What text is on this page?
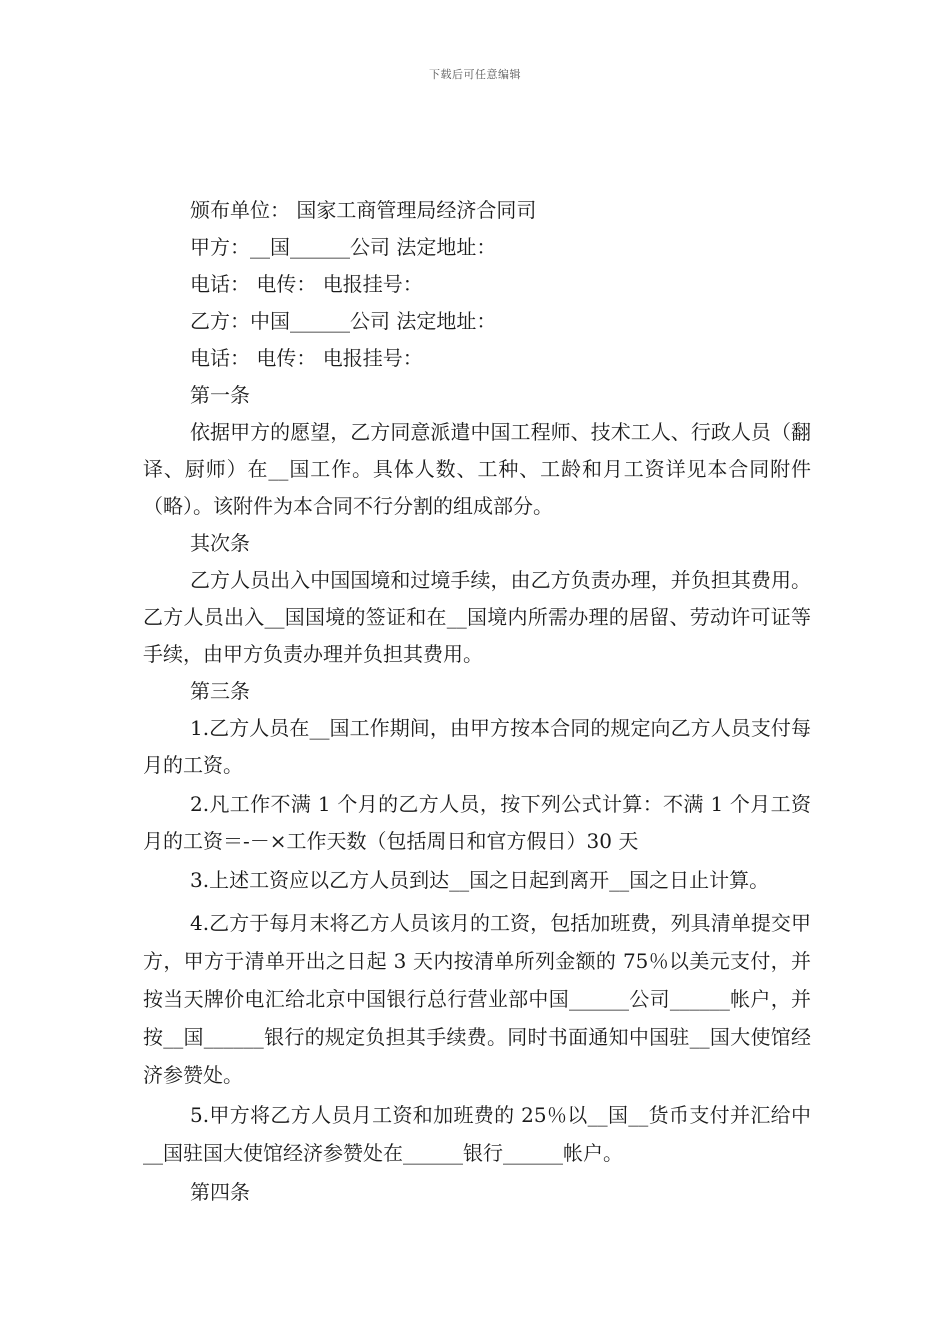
下载后可任意编辑

颁布单位： 国家工商管理局经济合同司

甲方：__国______公司 法定地址：

电话： 电传： 电报挂号：

乙方：中国______公司 法定地址：

电话： 电传： 电报挂号：

第一条

依据甲方的愿望，乙方同意派遣中国工程师、技术工人、行政人员（翻译、厨师）在__国工作。具体人数、工种、工龄和月工资详见本合同附件（略）。该附件为本合同不行分割的组成部分。

其次条

乙方人员出入中国国境和过境手续，由乙方负责办理，并负担其费用。乙方人员出入__国国境的签证和在__国境内所需办理的居留、劳动许可证等手续，由甲方负责办理并负担其费用。

第三条

1.乙方人员在__国工作期间，由甲方按本合同的规定向乙方人员支付每月的工资。

2.凡工作不满 1 个月的乙方人员，按下列公式计算：不满 1 个月工资月的工资＝-－×工作天数（包括周日和官方假日）30 天

3.上述工资应以乙方人员到达__国之日起到离开__国之日止计算。

4.乙方于每月末将乙方人员该月的工资，包括加班费，列具清单提交甲方，甲方于清单开出之日起 3 天内按清单所列金额的 75％以美元支付，并按当天牌价电汇给北京中国银行总行营业部中国______公司______帐户，并按__国______银行的规定负担其手续费。同时书面通知中国驻__国大使馆经济参赞处。

5.甲方将乙方人员月工资和加班费的 25％以__国__货币支付并汇给中__国驻国大使馆经济参赞处在______银行______帐户。

第四条
